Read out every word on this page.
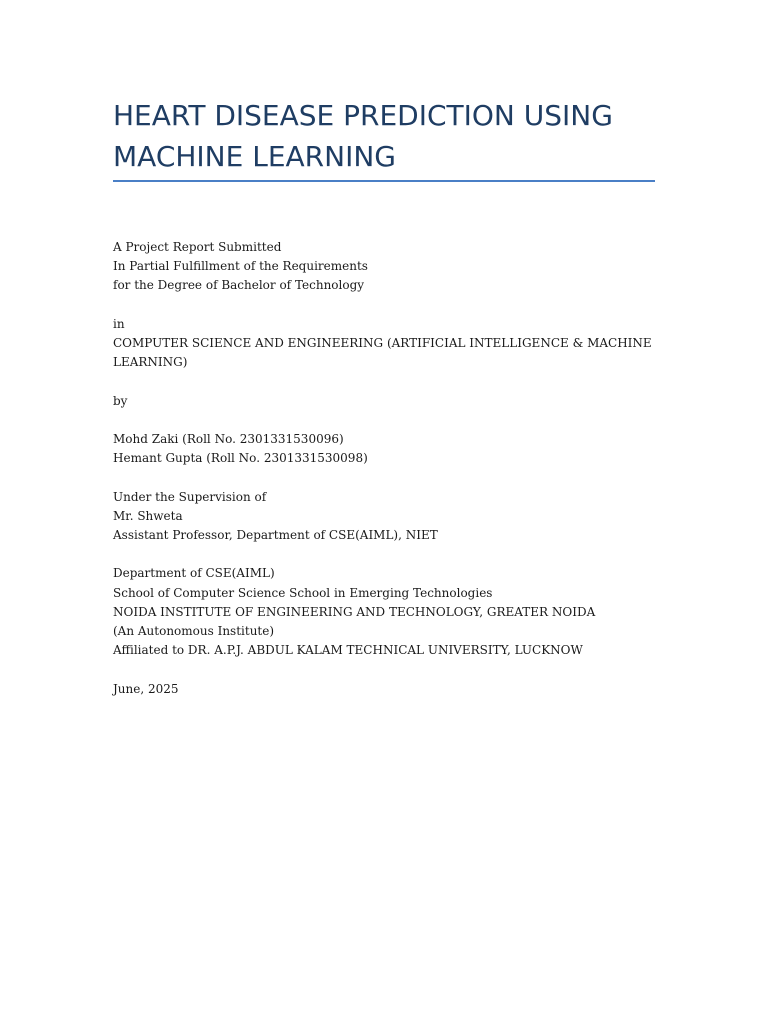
HEART DISEASE PREDICTION USING
MACHINE LEARNING
A Project Report Submitted
In Partial Fulfillment of the Requirements
for the Degree of Bachelor of Technology
in
COMPUTER SCIENCE AND ENGINEERING (ARTIFICIAL INTELLIGENCE & MACHINE
LEARNING)
by
Mohd Zaki (Roll No. 2301331530096)
Hemant Gupta (Roll No. 2301331530098)
Under the Supervision of
Mr. Shweta
Assistant Professor, Department of CSE(AIML), NIET
Department of CSE(AIML)
School of Computer Science School in Emerging Technologies
NOIDA INSTITUTE OF ENGINEERING AND TECHNOLOGY, GREATER NOIDA
(An Autonomous Institute)
Affiliated to DR. A.P.J. ABDUL KALAM TECHNICAL UNIVERSITY, LUCKNOW
June, 2025
